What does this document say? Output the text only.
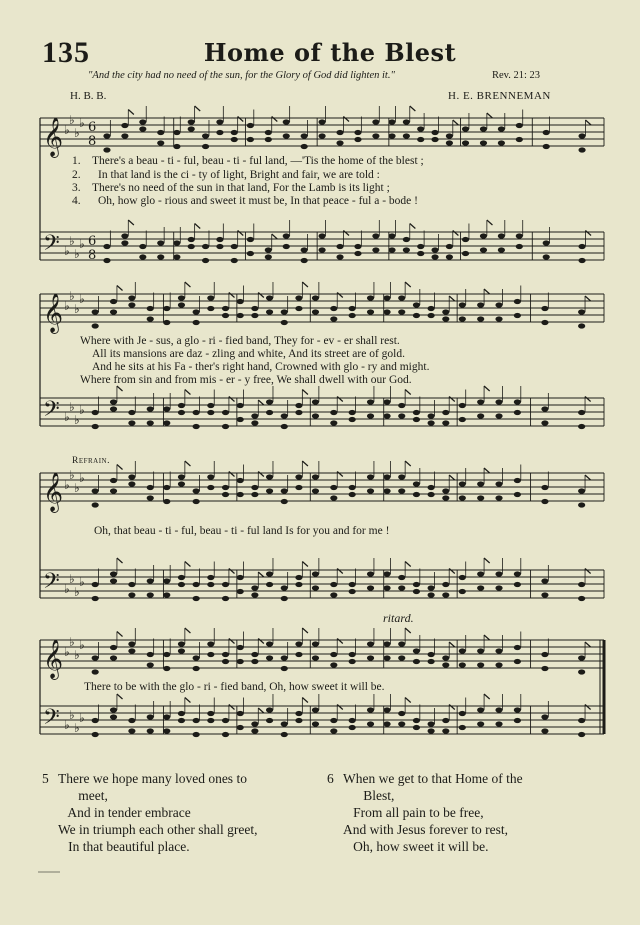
135	Home of the Blest
"And the city had no need of the sun, for the Glory of God did lighten it."	Rev. 21: 23
H. B. B.	H. E. BRENNEMAN
𝄞
𝄢
♭
♭
♭
♭
♭
♭
♭
♭
6
8
6
8
𝄞
𝄢
♭
♭
♭
♭
♭
♭
♭
♭
𝄞
𝄢
♭
♭
♭
♭
♭
♭
♭
♭
𝄞
𝄢
♭
♭
♭
♭
♭
♭
♭
♭
1. There's a beau - ti - ful, beau - ti - ful land, —'Tis the home of the blest ;
2. In that land is the ci - ty of light, Bright and fair, we are told :
3. There's no need of the sun in that land, For the Lamb is its light ;
4. Oh, how glo - rious and sweet it must be, In that peace - ful a - bode !
Where with Je - sus, a glo - ri - fied band, They for - ev - er shall rest.
All its mansions are daz - zling and white, And its street are of gold.
And he sits at his Fa - ther's right hand, Crowned with glo - ry and might.
Where from sin and from mis - er - y free, We shall dwell with our God.
Refrain.
Oh, that beau - ti - ful, beau - ti - ful land Is for you and for me !
ritard.
There to be with the glo - ri - fied band, Oh, how sweet it will be.
5 There we hope many loved ones to
meet,
And in tender embrace
We in triumph each other shall greet,
In that beautiful place.
6 When we get to that Home of the
Blest,
From all pain to be free,
And with Jesus forever to rest,
Oh, how sweet it will be.
